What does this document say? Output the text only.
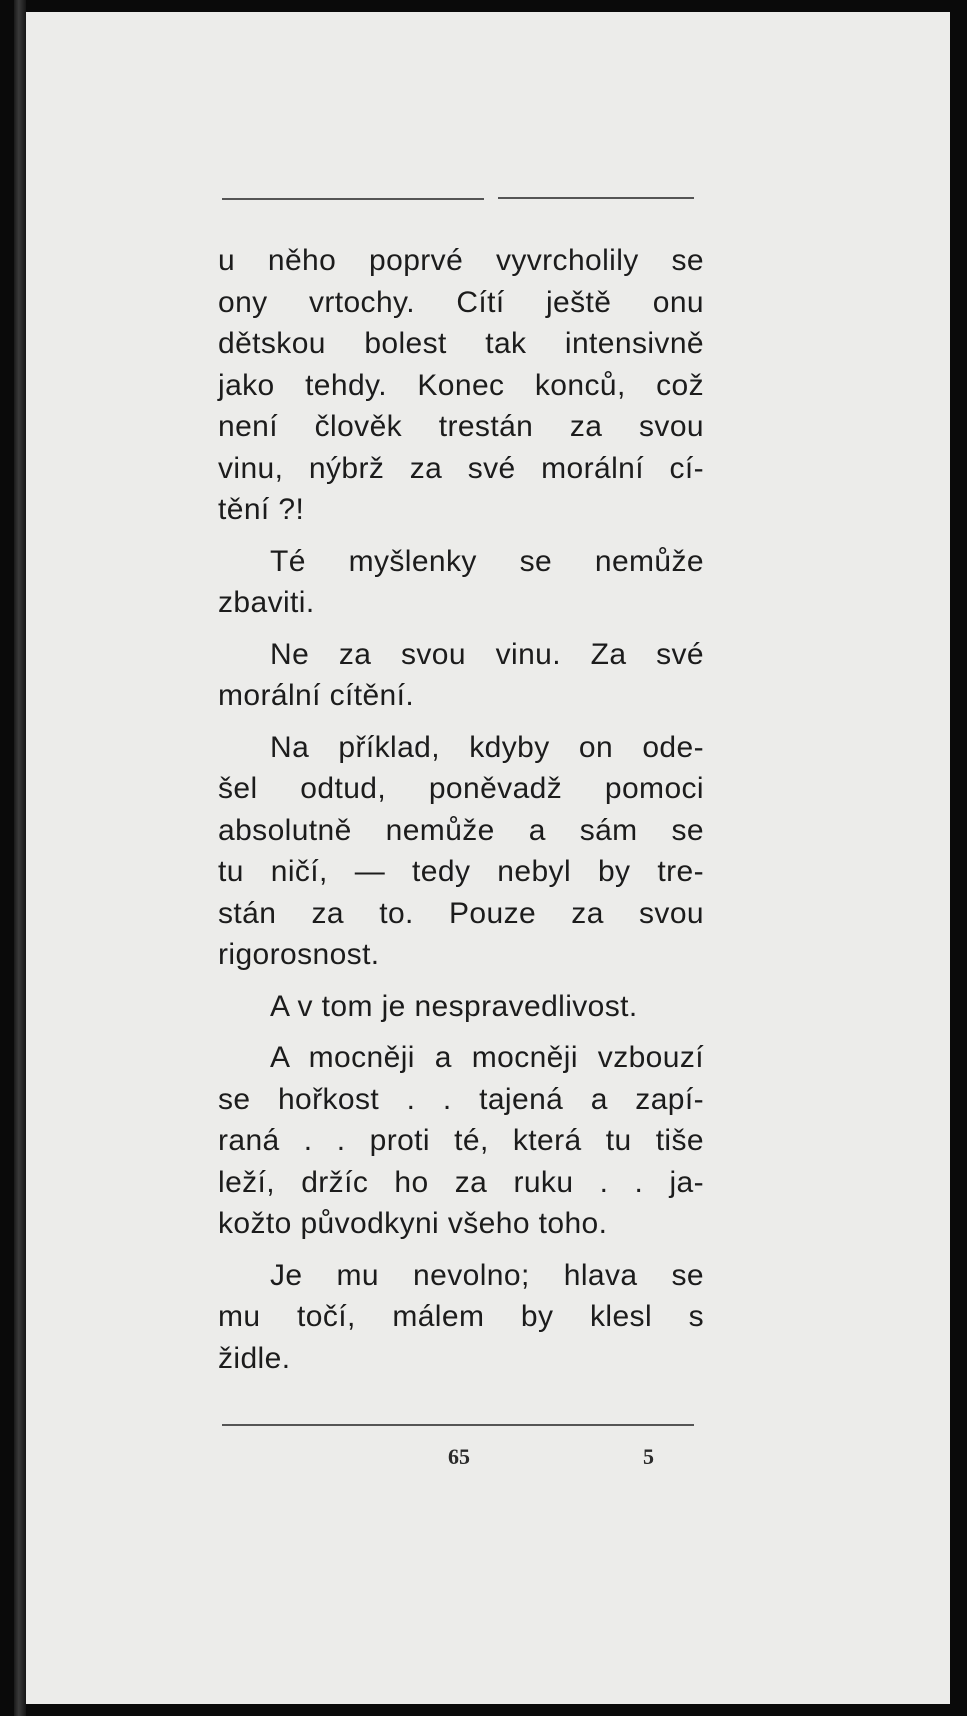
u něho poprvé vyvrcholily se
ony vrtochy. Cítí ještě onu
dětskou bolest tak intensivně
jako tehdy. Konec konců, což
není člověk trestán za svou
vinu, nýbrž za své morální cí-
tění ?!

Té myšlenky se nemůže
zbaviti.

Ne za svou vinu. Za své
morální cítění.

Na příklad, kdyby on ode-
šel odtud, poněvadž pomoci
absolutně nemůže a sám se
tu ničí, — tedy nebyl by tre-
stán za to. Pouze za svou
rigorosnost.

A v tom je nespravedlivost.

A mocněji a mocněji vzbouzí
se hořkost . . tajená a zapí-
raná . . proti té, která tu tiše
leží, držíc ho za ruku . . ja-
kožto původkyni všeho toho.

Je mu nevolno; hlava se
mu točí, málem by klesl s
židle.

65	5
